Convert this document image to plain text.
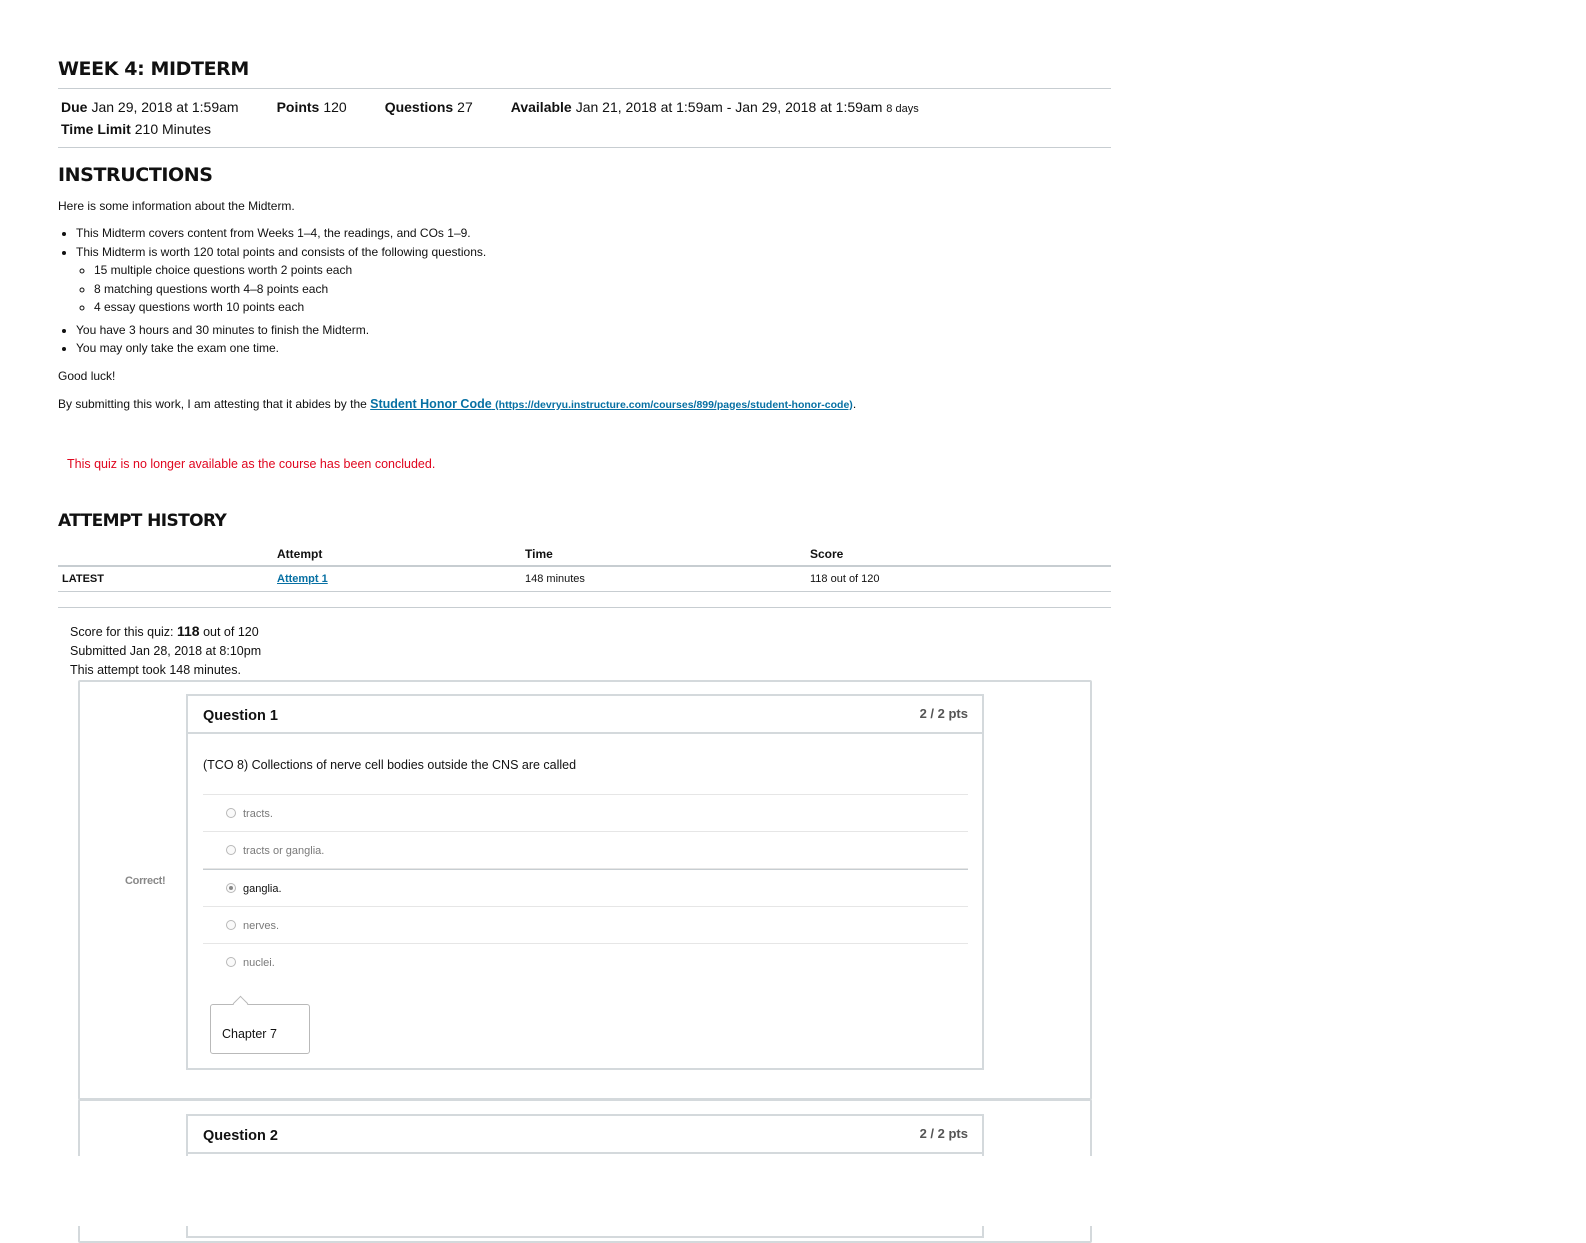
WEEK 4: MIDTERM
Due Jan 29, 2018 at 1:59am	Points 120	Questions 27	Available Jan 21, 2018 at 1:59am - Jan 29, 2018 at 1:59am 8 days
Time Limit 210 Minutes
INSTRUCTIONS

Here is some information about the Midterm.

• This Midterm covers content from Weeks 1–4, the readings, and COs 1–9.
• This Midterm is worth 120 total points and consists of the following questions.
◦ 15 multiple choice questions worth 2 points each
◦ 8 matching questions worth 4–8 points each
◦ 4 essay questions worth 10 points each
• You have 3 hours and 30 minutes to finish the Midterm.
• You may only take the exam one time.

Good luck!

By submitting this work, I am attesting that it abides by the Student Honor Code (https://devryu.instructure.com/courses/899/pages/student-honor-code).

This quiz is no longer available as the course has been concluded.
ATTEMPT HISTORY
	Attempt	Time	Score
LATEST	Attempt 1	148 minutes	118 out of 120
Score for this quiz: 118 out of 120
Submitted Jan 28, 2018 at 8:10pm
This attempt took 148 minutes.
Correct!
Question 1	2 / 2 pts
(TCO 8) Collections of nerve cell bodies outside the CNS are called
tracts.
tracts or ganglia.
ganglia.
nerves.
nuclei.
Chapter 7
Question 2	2 / 2 pts
